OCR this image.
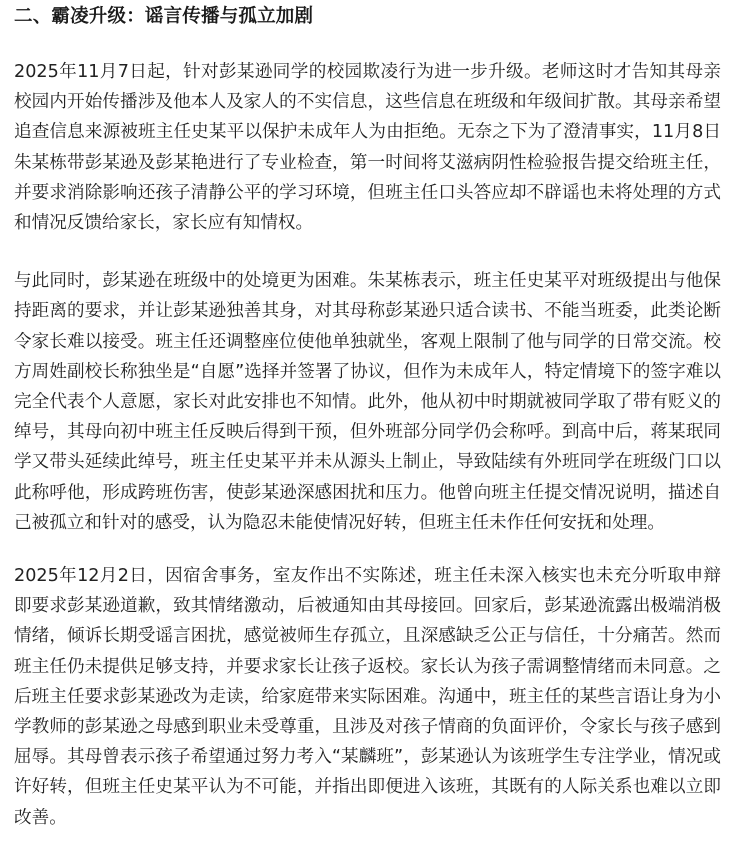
二、霸凌升级：谣言传播与孤立加剧

2025年11月7日起，针对彭某逊同学的校园欺凌行为进一步升级。老师这时才告知其母亲校园内开始传播涉及他本人及家人的不实信息，这些信息在班级和年级间扩散。其母亲希望追查信息来源被班主任史某平以保护未成年人为由拒绝。无奈之下为了澄清事实，11月8日朱某栋带彭某逊及彭某艳进行了专业检查，第一时间将艾滋病阴性检验报告提交给班主任，并要求消除影响还孩子清静公平的学习环境，但班主任口头答应却不辟谣也未将处理的方式和情况反馈给家长，家长应有知情权。

与此同时，彭某逊在班级中的处境更为困难。朱某栋表示，班主任史某平对班级提出与他保持距离的要求，并让彭某逊独善其身，对其母称彭某逊只适合读书、不能当班委，此类论断令家长难以接受。班主任还调整座位使他单独就坐，客观上限制了他与同学的日常交流。校方周姓副校长称独坐是“自愿”选择并签署了协议，但作为未成年人，特定情境下的签字难以完全代表个人意愿，家长对此安排也不知情。此外，他从初中时期就被同学取了带有贬义的绰号，其母向初中班主任反映后得到干预，但外班部分同学仍会称呼。到高中后，蒋某珉同学又带头延续此绰号，班主任史某平并未从源头上制止，导致陆续有外班同学在班级门口以此称呼他，形成跨班伤害，使彭某逊深感困扰和压力。他曾向班主任提交情况说明，描述自己被孤立和针对的感受，认为隐忍未能使情况好转，但班主任未作任何安抚和处理。

2025年12月2日，因宿舍事务，室友作出不实陈述，班主任未深入核实也未充分听取申辩即要求彭某逊道歉，致其情绪激动，后被通知由其母接回。回家后，彭某逊流露出极端消极情绪，倾诉长期受谣言困扰，感觉被师生存孤立，且深感缺乏公正与信任，十分痛苦。然而班主任仍未提供足够支持，并要求家长让孩子返校。家长认为孩子需调整情绪而未同意。之后班主任要求彭某逊改为走读，给家庭带来实际困难。沟通中，班主任的某些言语让身为小学教师的彭某逊之母感到职业未受尊重，且涉及对孩子情商的负面评价，令家长与孩子感到屈辱。其母曾表示孩子希望通过努力考入“某麟班”，彭某逊认为该班学生专注学业，情况或许好转，但班主任史某平认为不可能，并指出即便进入该班，其既有的人际关系也难以立即改善。
